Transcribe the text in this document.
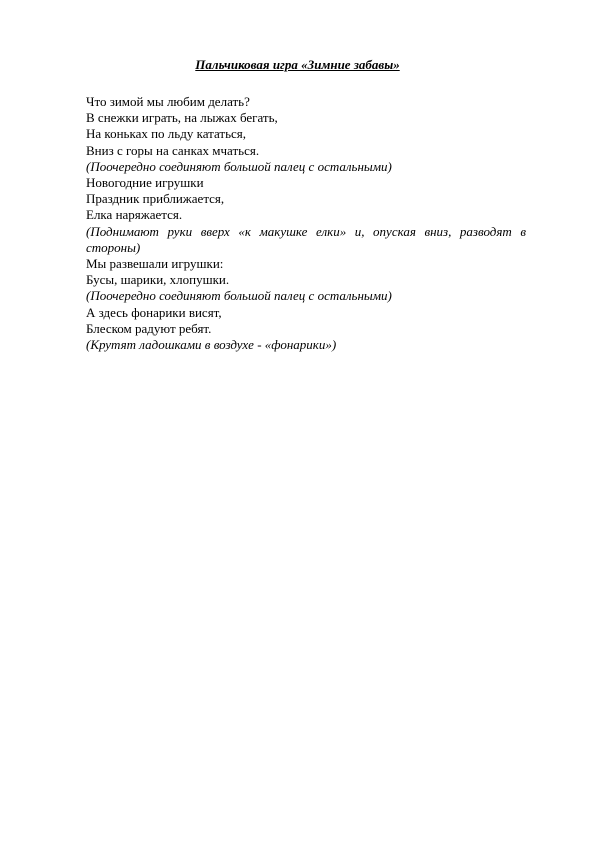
Пальчиковая игра «Зимние забавы»
Что зимой мы любим делать?
В снежки играть, на лыжах бегать,
На коньках по льду кататься,
Вниз с горы на санках мчаться.
(Поочередно соединяют большой палец с остальными)
Новогодние игрушки
Праздник приближается,
Елка наряжается.
(Поднимают руки вверх «к макушке елки» и, опуская вниз, разводят в стороны)
Мы развешали игрушки:
Бусы, шарики, хлопушки.
(Поочередно соединяют большой палец с остальными)
А здесь фонарики висят,
Блеском радуют ребят.
(Крутят ладошками в воздухе - «фонарики»)
